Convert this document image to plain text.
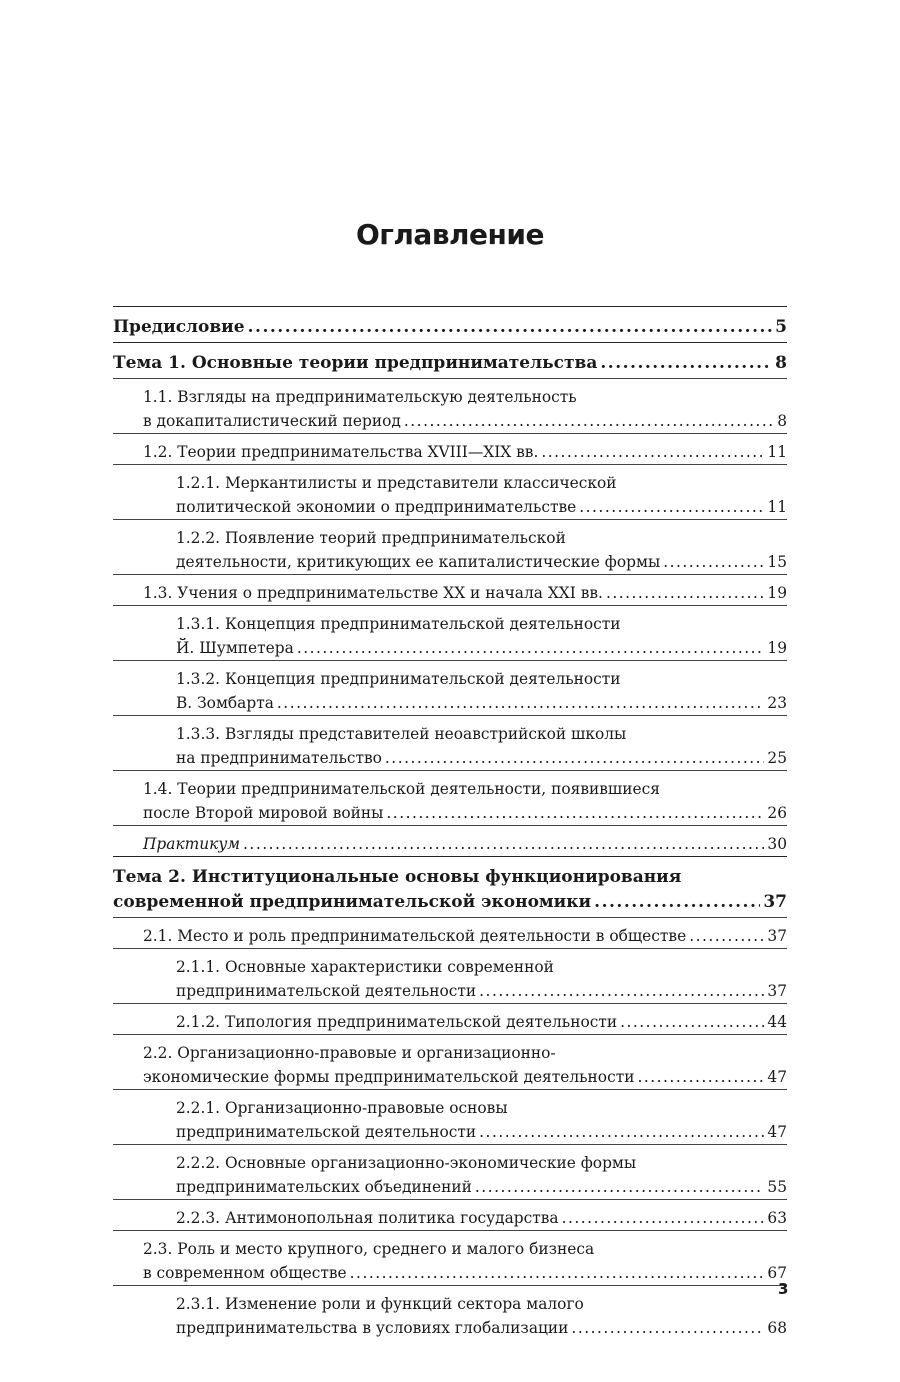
Оглавление
Предисловие .....	5
Тема 1. Основные теории предпринимательства .....	8
1.1. Взгляды на предпринимательскую деятельность
в докапиталистический период .....	8
1.2. Теории предпринимательства XVIII—XIX вв. .....	11
1.2.1. Меркантилисты и представители классической
политической экономии о предпринимательстве .....	11
1.2.2. Появление теорий предпринимательской
деятельности, критикующих ее капиталистические формы .....	15
1.3. Учения о предпринимательстве XX и начала XXI вв. .....	19
1.3.1. Концепция предпринимательской деятельности
Й. Шумпетера .....	19
1.3.2. Концепция предпринимательской деятельности
В. Зомбарта .....	23
1.3.3. Взгляды представителей неоавстрийской школы
на предпринимательство .....	25
1.4. Теории предпринимательской деятельности, появившиеся
после Второй мировой войны .....	26
Практикум .....	30
Тема 2. Институциональные основы функционирования
современной предпринимательской экономики .....	37
2.1. Место и роль предпринимательской деятельности в обществе .....	37
2.1.1. Основные характеристики современной
предпринимательской деятельности .....	37
2.1.2. Типология предпринимательской деятельности .....	44
2.2. Организационно-правовые и организационно-
экономические формы предпринимательской деятельности .....	47
2.2.1. Организационно-правовые основы
предпринимательской деятельности .....	47
2.2.2. Основные организационно-экономические формы
предпринимательских объединений .....	55
2.2.3. Антимонопольная политика государства .....	63
2.3. Роль и место крупного, среднего и малого бизнеса
в современном обществе .....	67
2.3.1. Изменение роли и функций сектора малого
предпринимательства в условиях глобализации .....	68
3
